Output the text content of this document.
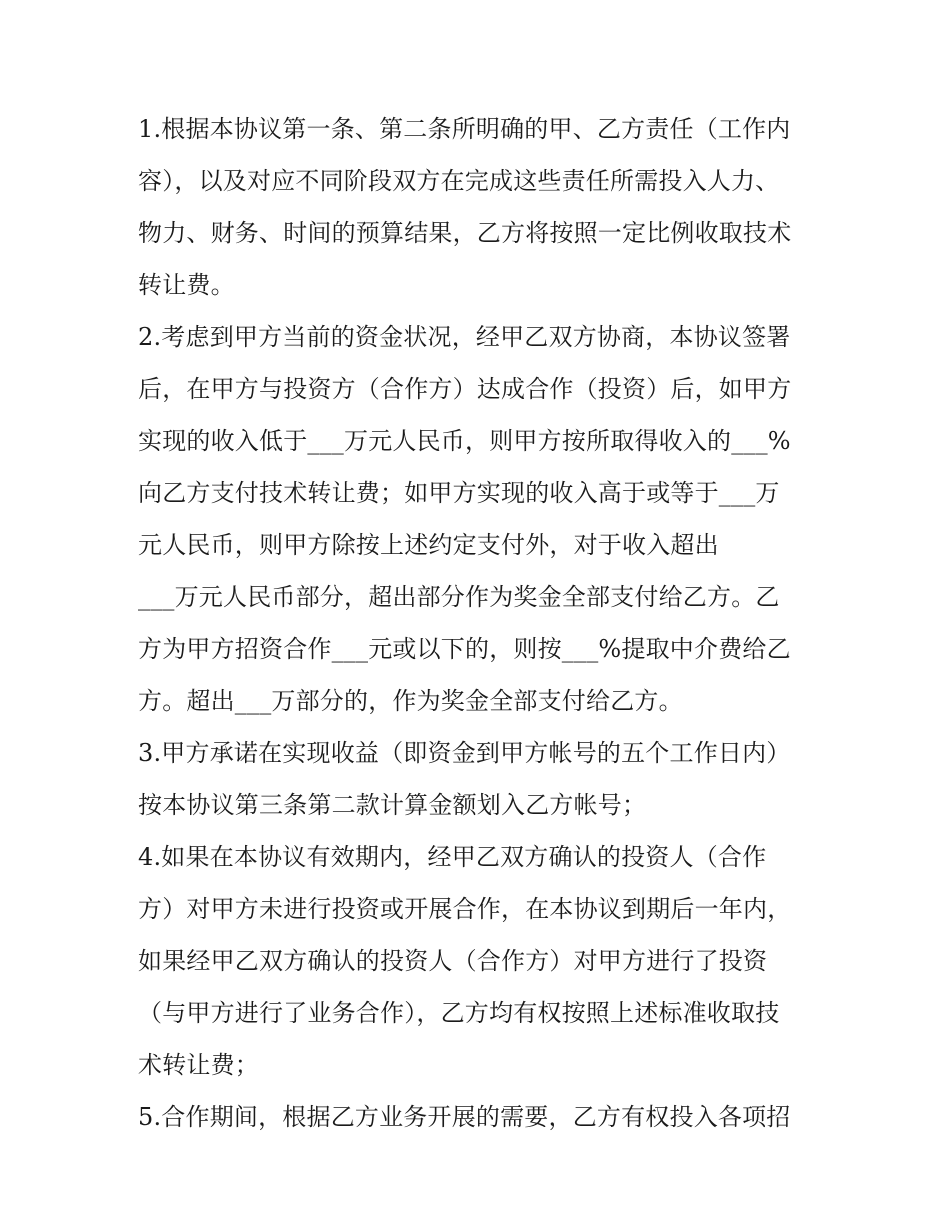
1.根据本协议第一条、第二条所明确的甲、乙方责任（工作内
容），以及对应不同阶段双方在完成这些责任所需投入人力、
物力、财务、时间的预算结果，乙方将按照一定比例收取技术
转让费。
2.考虑到甲方当前的资金状况，经甲乙双方协商，本协议签署
后，在甲方与投资方（合作方）达成合作（投资）后，如甲方
实现的收入低于___万元人民币，则甲方按所取得收入的___%
向乙方支付技术转让费；如甲方实现的收入高于或等于___万
元人民币，则甲方除按上述约定支付外，对于收入超出
___万元人民币部分，超出部分作为奖金全部支付给乙方。乙
方为甲方招资合作___元或以下的，则按___%提取中介费给乙
方。超出___万部分的，作为奖金全部支付给乙方。
3.甲方承诺在实现收益（即资金到甲方帐号的五个工作日内）
按本协议第三条第二款计算金额划入乙方帐号；
4.如果在本协议有效期内，经甲乙双方确认的投资人（合作
方）对甲方未进行投资或开展合作，在本协议到期后一年内，
如果经甲乙双方确认的投资人（合作方）对甲方进行了投资
（与甲方进行了业务合作），乙方均有权按照上述标准收取技
术转让费；
5.合作期间，根据乙方业务开展的需要，乙方有权投入各项招
